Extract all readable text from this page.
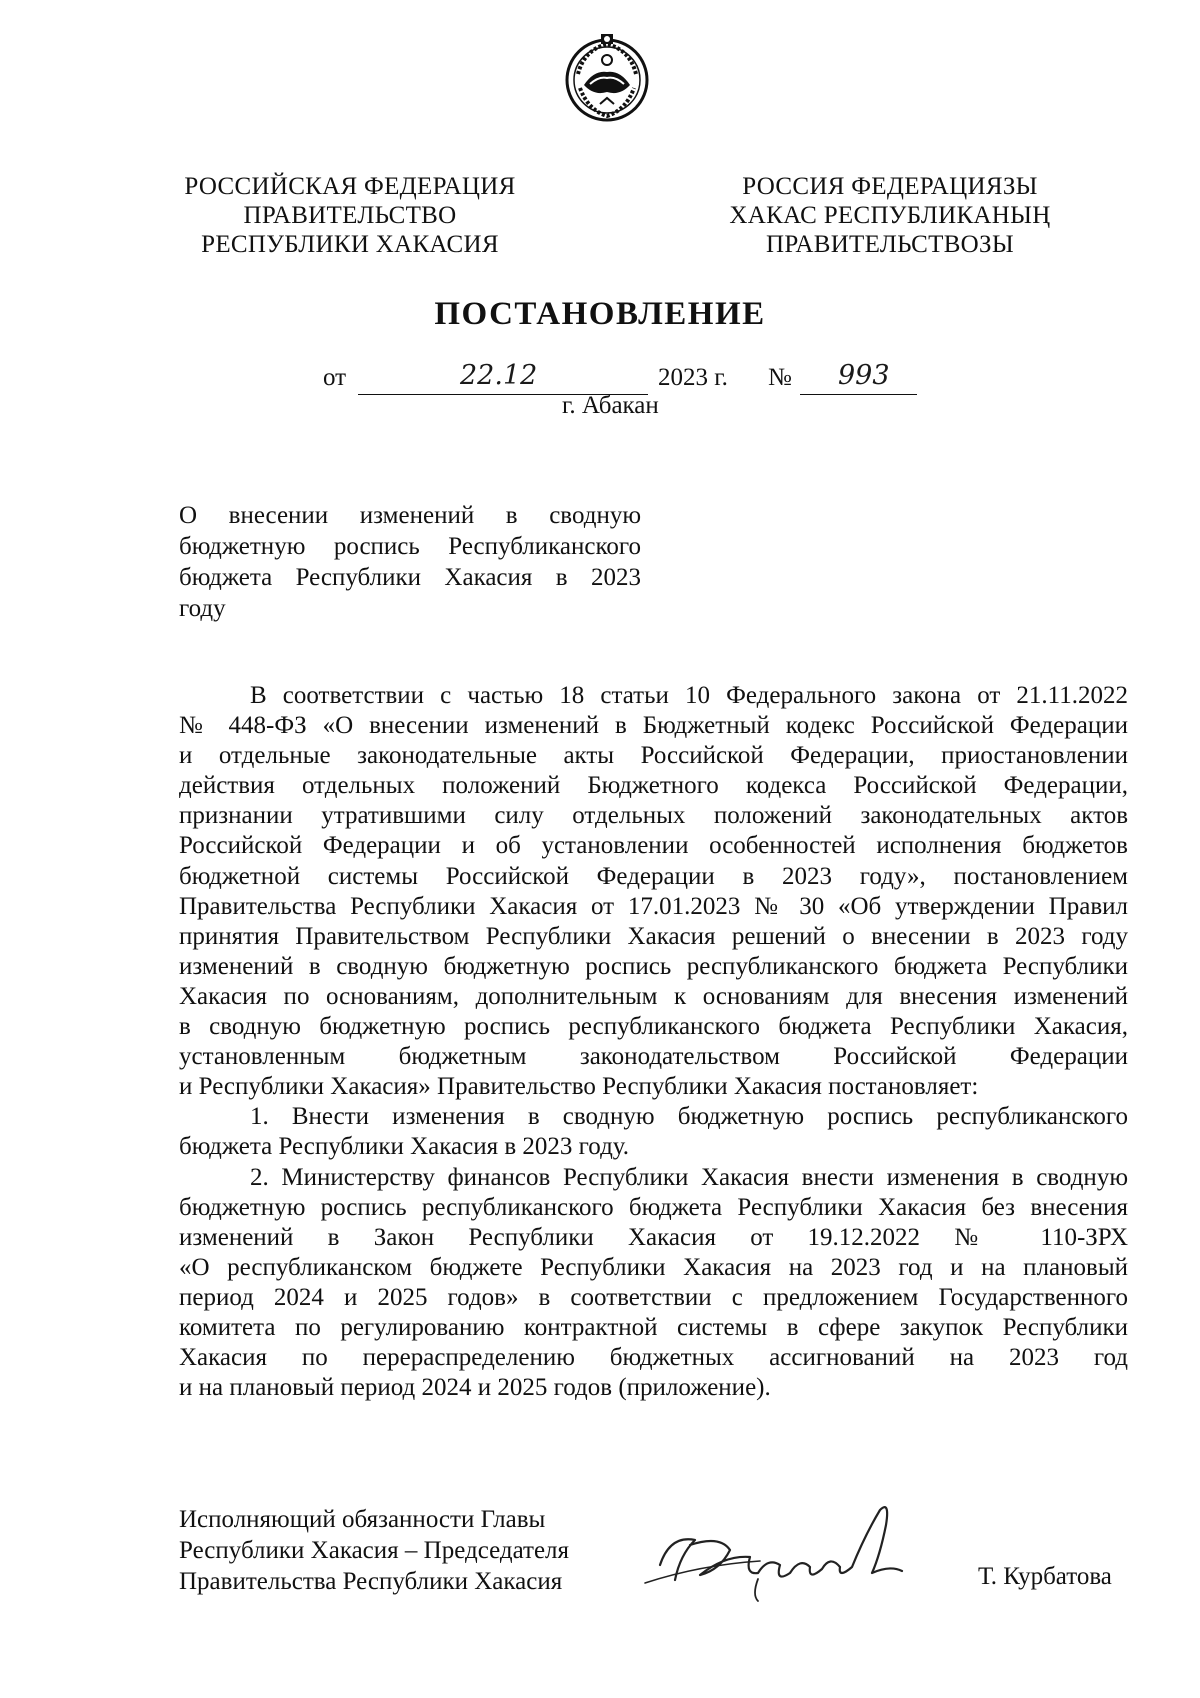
РОССИЙСКАЯ ФЕДЕРАЦИЯ
ПРАВИТЕЛЬСТВО
РЕСПУБЛИКИ ХАКАСИЯ
РОССИЯ ФЕДЕРАЦИЯЗЫ
ХАКАС РЕСПУБЛИКАНЫҢ
ПРАВИТЕЛЬСТВОЗЫ
ПОСТАНОВЛЕНИЕ
от	22.12	2023 г. № 993
г. Абакан
О внесении изменений в сводную
бюджетную роспись Республиканского
бюджета Республики Хакасия в 2023
году
В соответствии с частью 18 статьи 10 Федерального закона от 21.11.2022
№ 448-ФЗ «О внесении изменений в Бюджетный кодекс Российской Федерации
и отдельные законодательные акты Российской Федерации, приостановлении
действия отдельных положений Бюджетного кодекса Российской Федерации,
признании утратившими силу отдельных положений законодательных актов
Российской Федерации и об установлении особенностей исполнения бюджетов
бюджетной системы Российской Федерации в 2023 году», постановлением
Правительства Республики Хакасия от 17.01.2023 № 30 «Об утверждении Правил
принятия Правительством Республики Хакасия решений о внесении в 2023 году
изменений в сводную бюджетную роспись республиканского бюджета Республики
Хакасия по основаниям, дополнительным к основаниям для внесения изменений
в сводную бюджетную роспись республиканского бюджета Республики Хакасия,
установленным бюджетным законодательством Российской Федерации
и Республики Хакасия» Правительство Республики Хакасия постановляет:
1. Внести изменения в сводную бюджетную роспись республиканского
бюджета Республики Хакасия в 2023 году.
2. Министерству финансов Республики Хакасия внести изменения в сводную
бюджетную роспись республиканского бюджета Республики Хакасия без внесения
изменений в Закон Республики Хакасия от 19.12.2022 № 110-ЗРХ
«О республиканском бюджете Республики Хакасия на 2023 год и на плановый
период 2024 и 2025 годов» в соответствии с предложением Государственного
комитета по регулированию контрактной системы в сфере закупок Республики
Хакасия по перераспределению бюджетных ассигнований на 2023 год
и на плановый период 2024 и 2025 годов (приложение).
Исполняющий обязанности Главы
Республики Хакасия – Председателя
Правительства Республики Хакасия	Т. Курбатова
